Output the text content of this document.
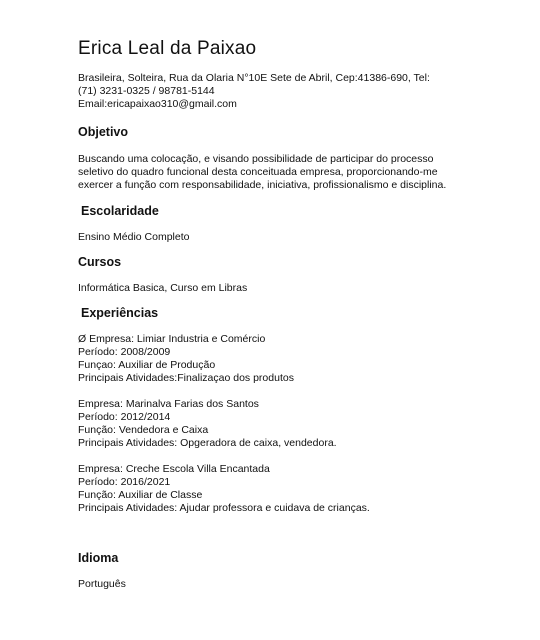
Erica Leal da Paixao
Brasileira, Solteira, Rua da Olaria N°10E Sete de Abril, Cep:41386-690, Tel:
(71) 3231-0325 / 98781-5144
Email:ericapaixao310@gmail.com
Objetivo
Buscando uma colocação, e visando possibilidade de participar do processo
seletivo do quadro funcional desta conceituada empresa, proporcionando-me
exercer a função com responsabilidade, iniciativa, profissionalismo e disciplina.
Escolaridade
Ensino Médio Completo
Cursos
Informática Basica, Curso em Libras
Experiências
Ø Empresa: Limiar Industria e Comércio
Período: 2008/2009
Funçao: Auxiliar de Produção
Principais Atividades:Finalizaçao dos produtos
Empresa: Marinalva Farias dos Santos
Período: 2012/2014
Função: Vendedora e Caixa
Principais Atividades: Opgeradora de caixa, vendedora.
Empresa: Creche Escola Villa Encantada
Período: 2016/2021
Função: Auxiliar de Classe
Principais Atividades: Ajudar professora e cuidava de crianças.
Idioma
Português
